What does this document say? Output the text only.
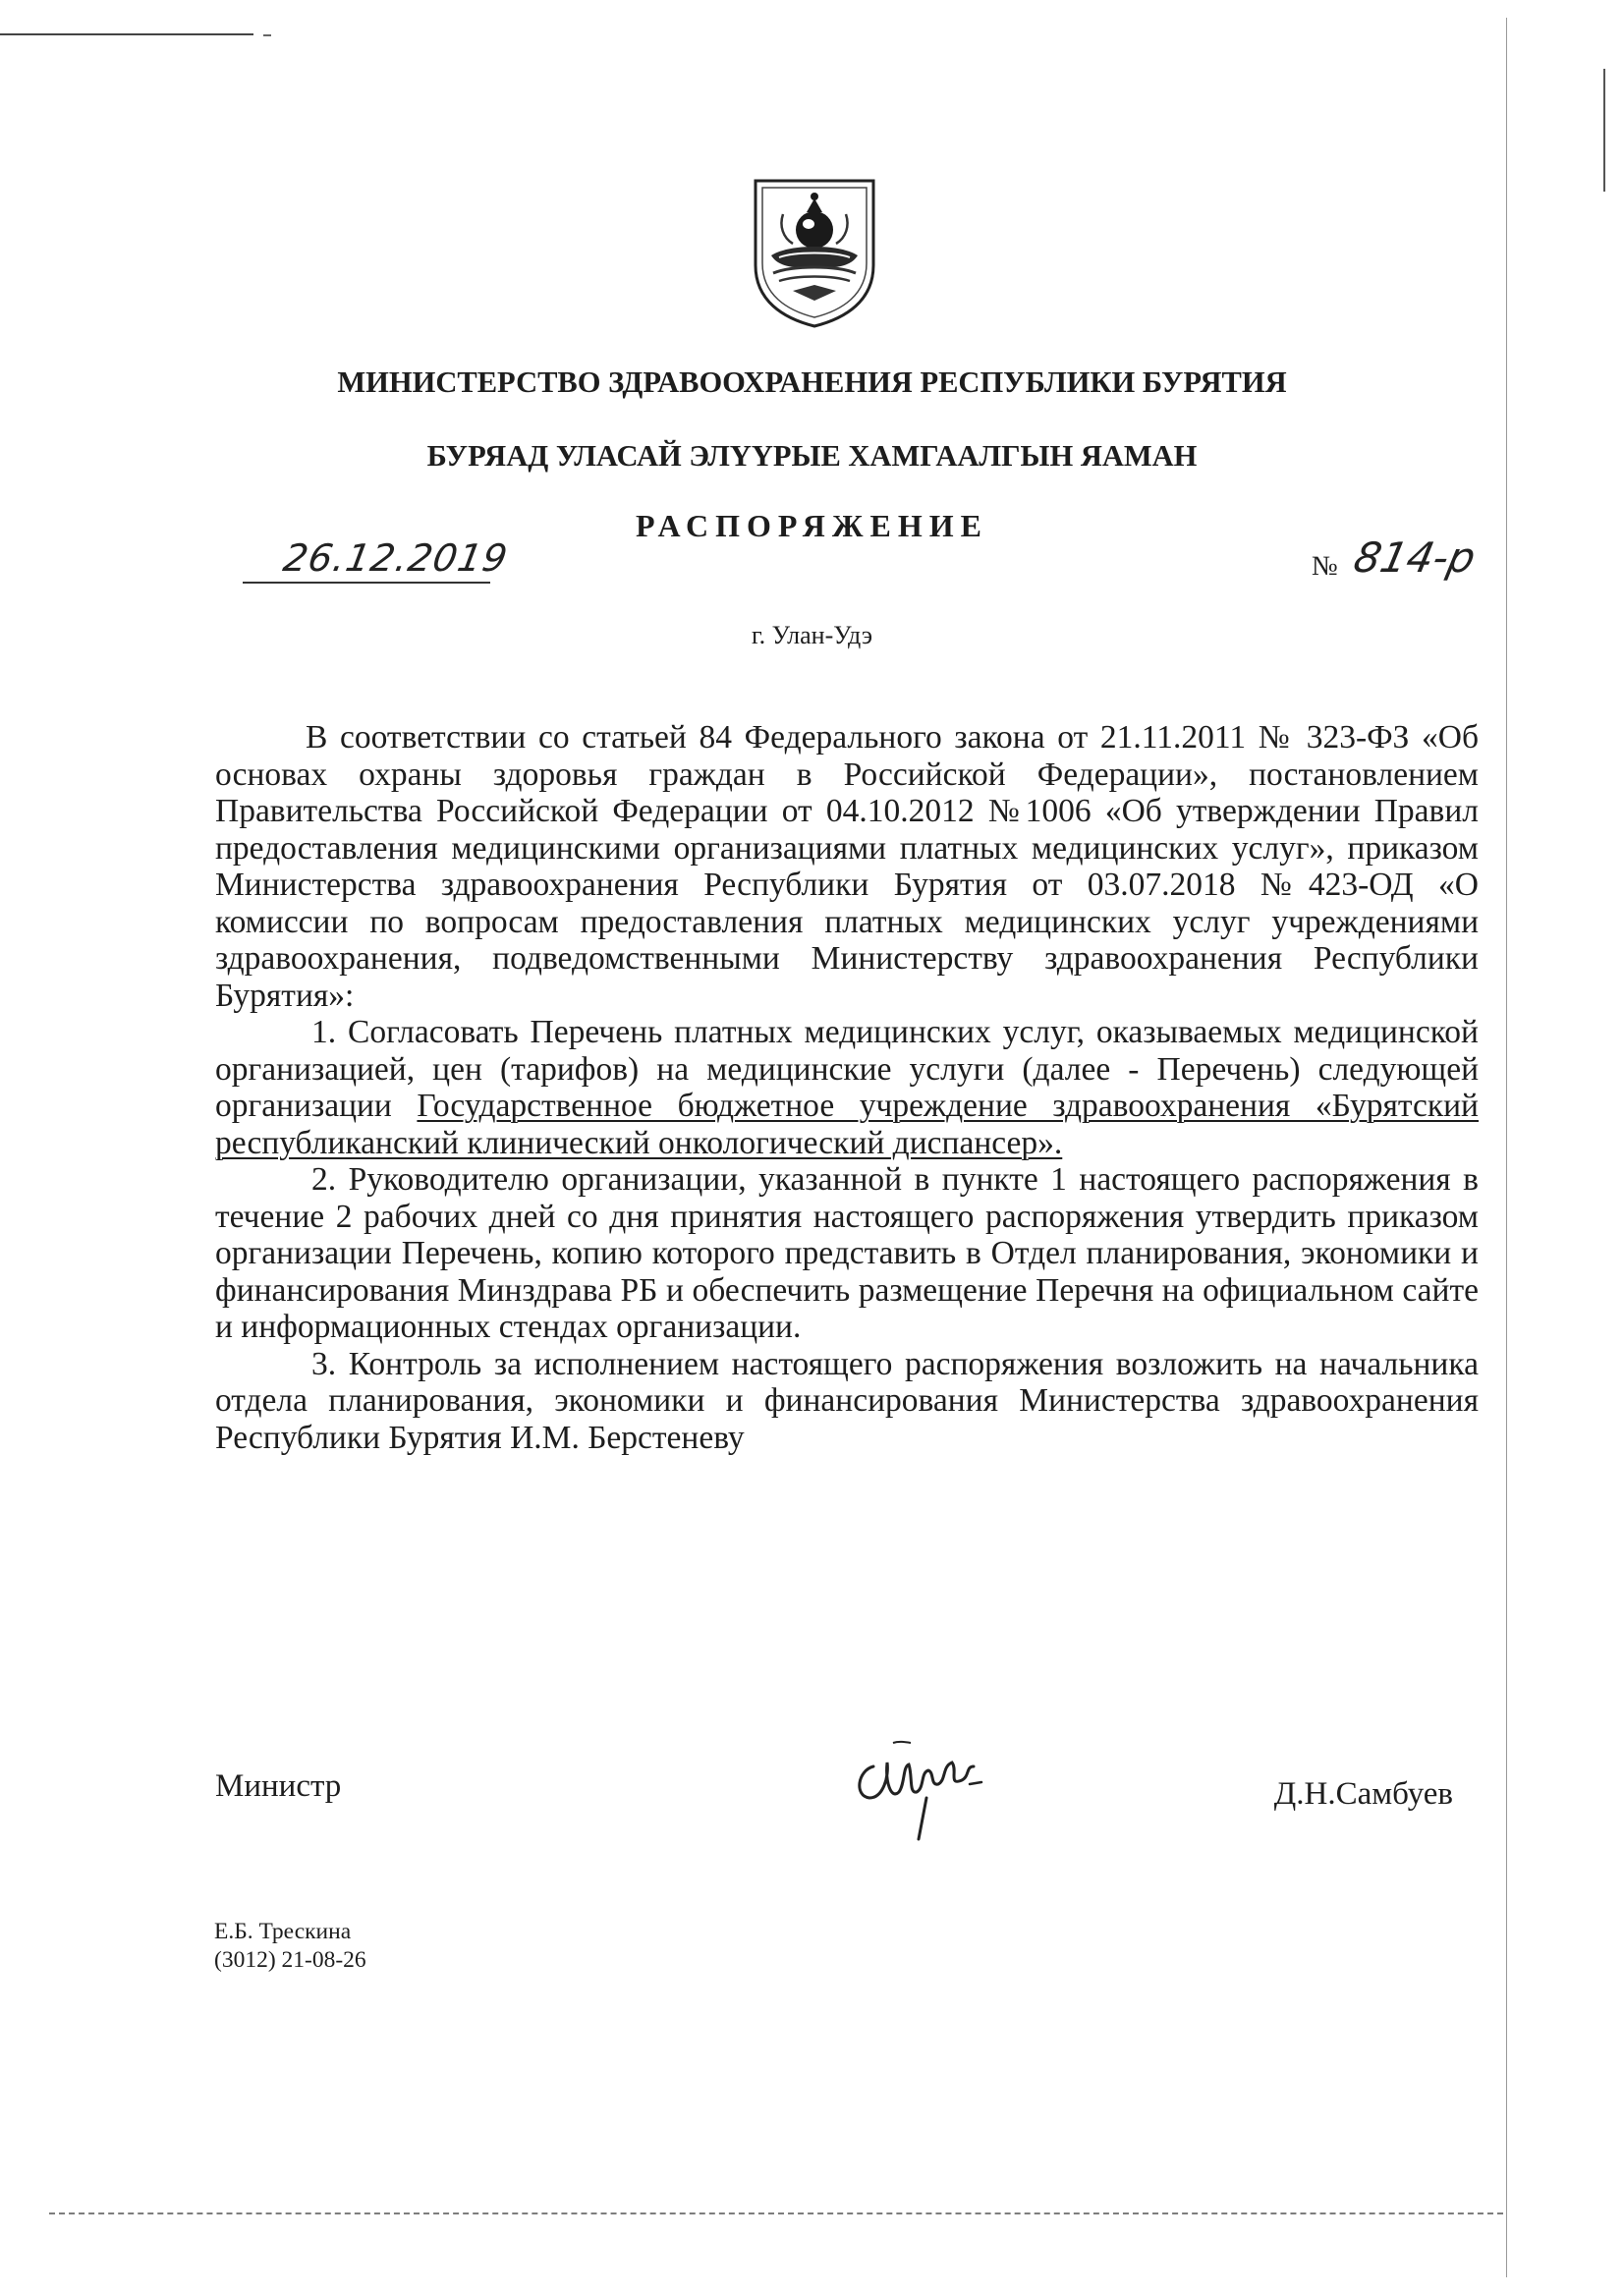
МИНИСТЕРСТВО ЗДРАВООХРАНЕНИЯ РЕСПУБЛИКИ БУРЯТИЯ
БУРЯАД УЛАСАЙ ЭЛYYРЫЕ ХАМГААЛГЫН ЯАМАН
РАСПОРЯЖЕНИЕ
26.12.2019	№ 814-р
г. Улан-Удэ

В соответствии со статьей 84 Федерального закона от 21.11.2011 № 323-ФЗ «Об основах охраны здоровья граждан в Российской Федерации», постановлением Правительства Российской Федерации от 04.10.2012 №1006 «Об утверждении Правил предоставления медицинскими организациями платных медицинских услуг», приказом Министерства здравоохранения Республики Бурятия от 03.07.2018 №423-ОД «О комиссии по вопросам предоставления платных медицинских услуг учреждениями здравоохранения, подведомственными Министерству здравоохранения Республики Бурятия»:

1. Согласовать Перечень платных медицинских услуг, оказываемых медицинской организацией, цен (тарифов) на медицинские услуги (далее - Перечень) следующей организации Государственное бюджетное учреждение здравоохранения «Бурятский республиканский клинический онкологический диспансер».

2. Руководителю организации, указанной в пункте 1 настоящего распоряжения в течение 2 рабочих дней со дня принятия настоящего распоряжения утвердить приказом организации Перечень, копию которого представить в Отдел планирования, экономики и финансирования Минздрава РБ и обеспечить размещение Перечня на официальном сайте и информационных стендах организации.

3. Контроль за исполнением настоящего распоряжения возложить на начальника отдела планирования, экономики и финансирования Министерства здравоохранения Республики Бурятия И.М. Берстеневу

Министр	Д.Н.Самбуев
Е.Б. Трескина
(3012) 21-08-26
